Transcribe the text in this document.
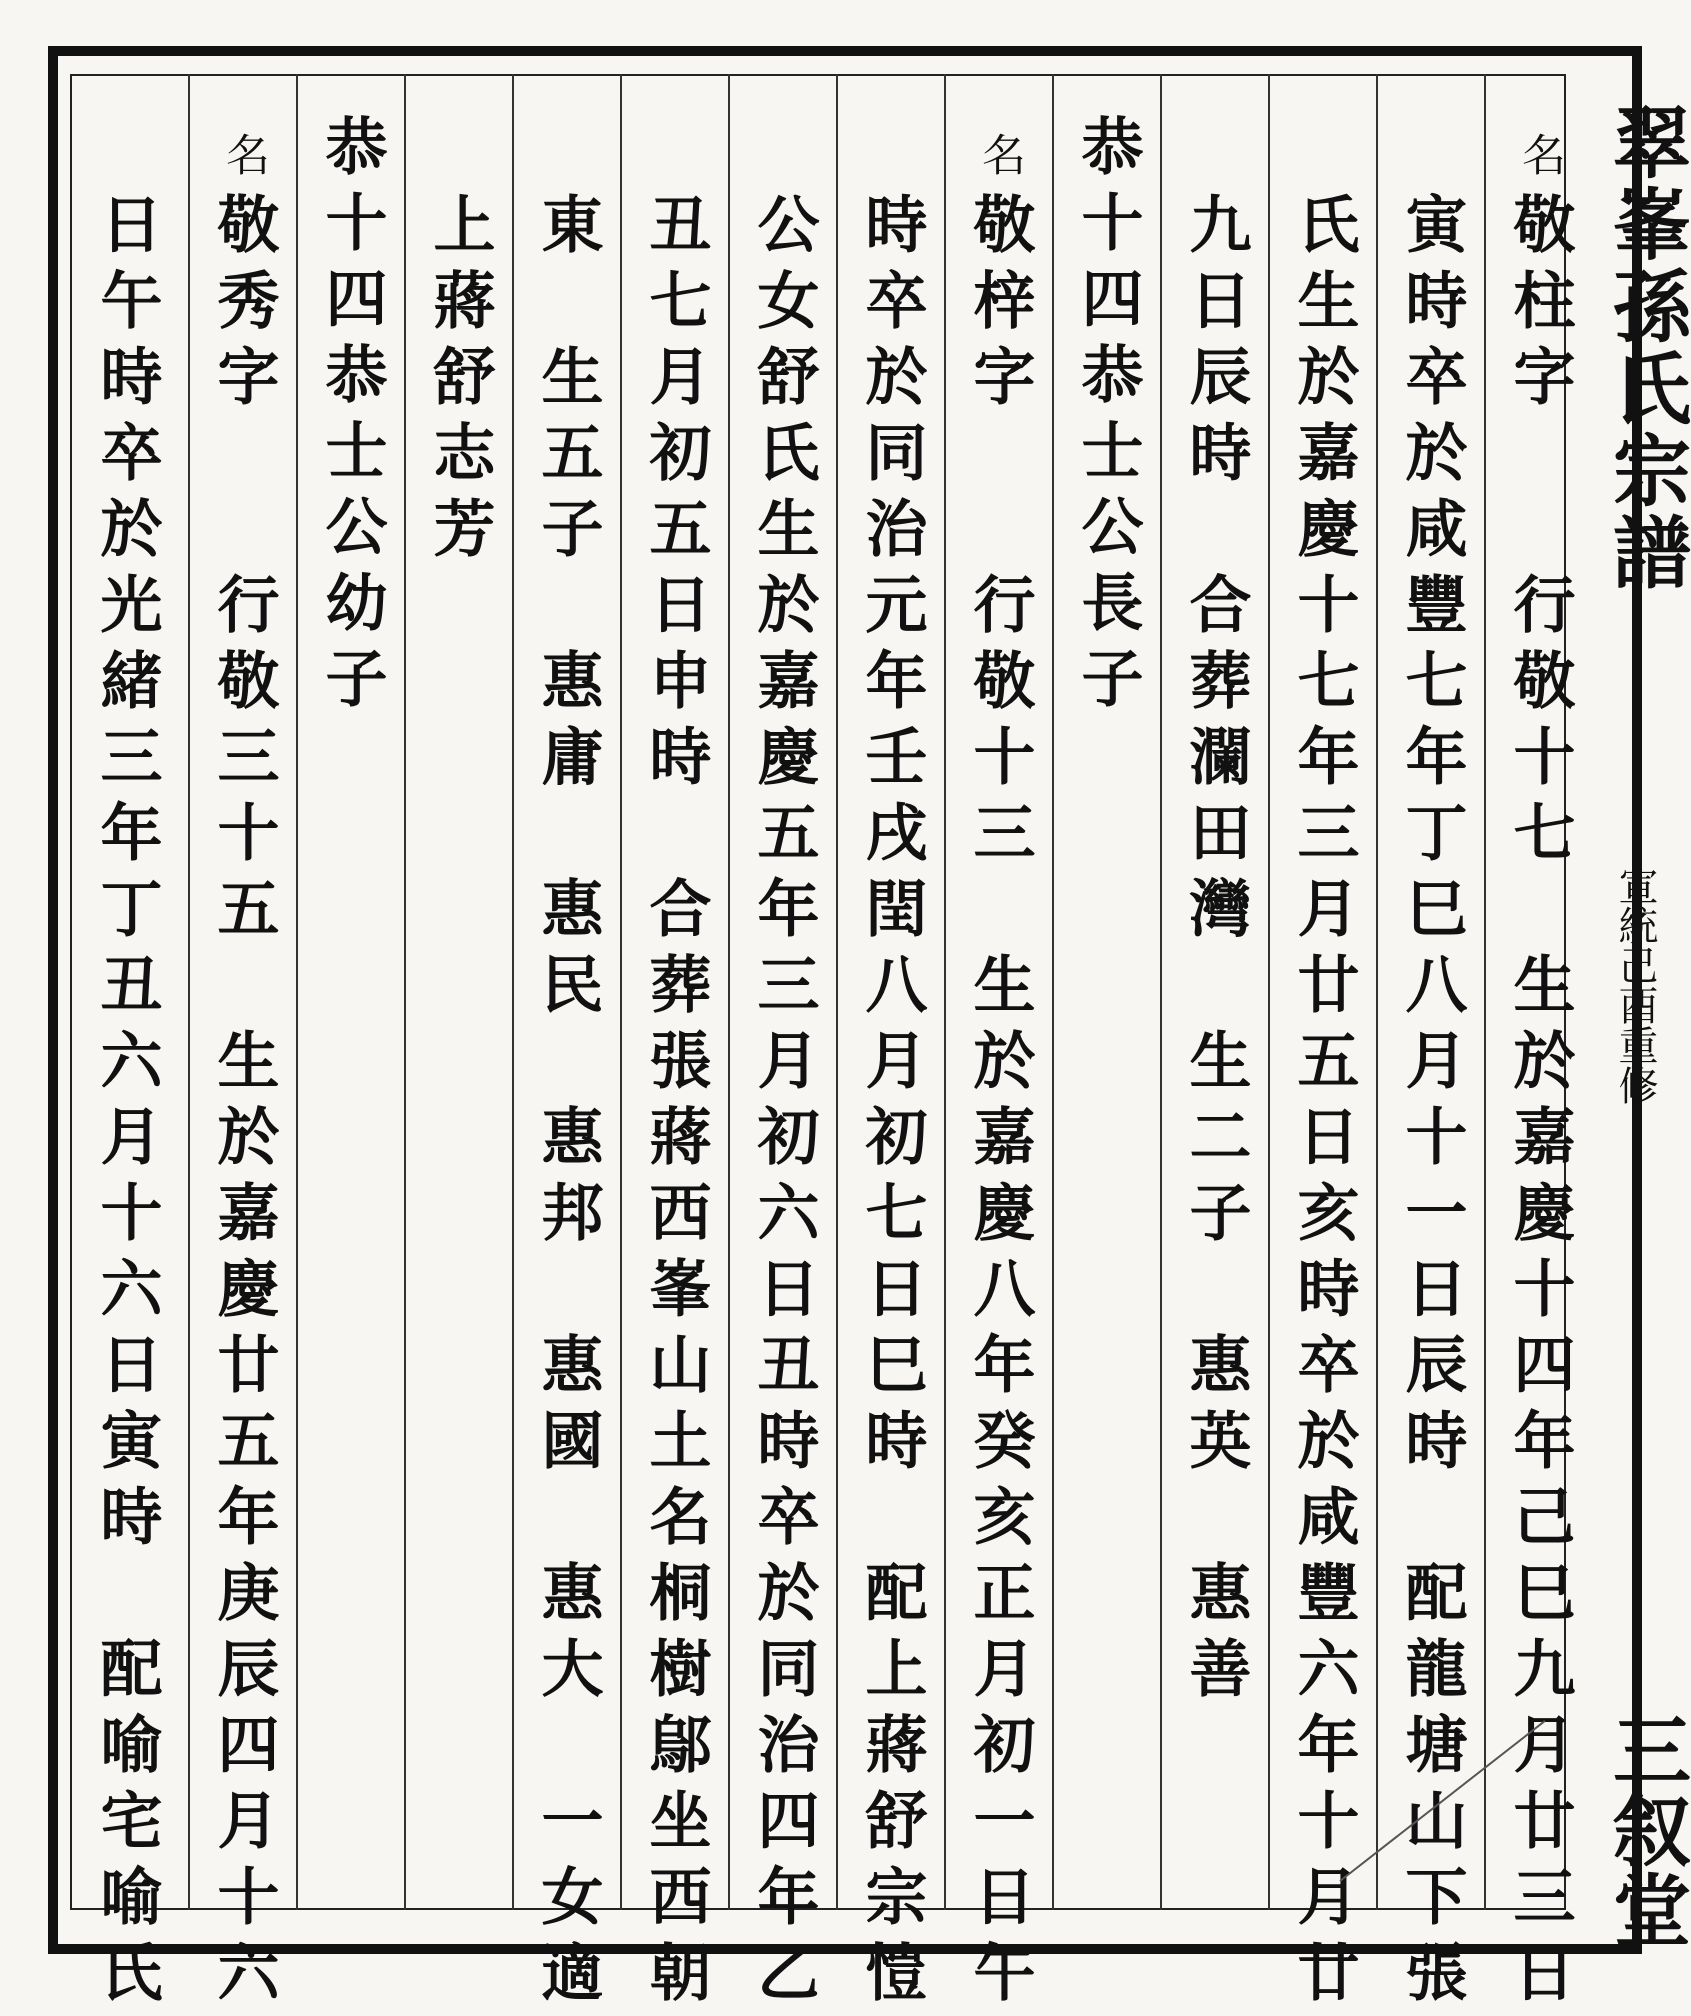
翠峯孫氏宗譜
宣統己酉重修
三叙堂
名
敬柱字　　行敬十七　生於嘉慶十四年己巳九月廿三日
寅時卒於咸豐七年丁巳八月十一日辰時　配龍塘山下張
氏生於嘉慶十七年三月廿五日亥時卒於咸豐六年十月廿
九日辰時　合葬瀾田灣　生二子　惠英　惠善
恭十四恭士公長子
名
敬梓字　　行敬十三　生於嘉慶八年癸亥正月初一日午
時卒於同治元年壬戌閏八月初七日巳時　配上蔣舒宗愷
公女舒氏生於嘉慶五年三月初六日丑時卒於同治四年乙
丑七月初五日申時　合葬張蔣西峯山土名桐樹鄔坐西朝
東　生五子　惠庸　惠民　惠邦　惠國　惠大　一女適
上蔣舒志芳
恭十四恭士公幼子
名
敬秀字　　行敬三十五　生於嘉慶廿五年庚辰四月十六
日午時卒於光緒三年丁丑六月十六日寅時　配喻宅喻氏
